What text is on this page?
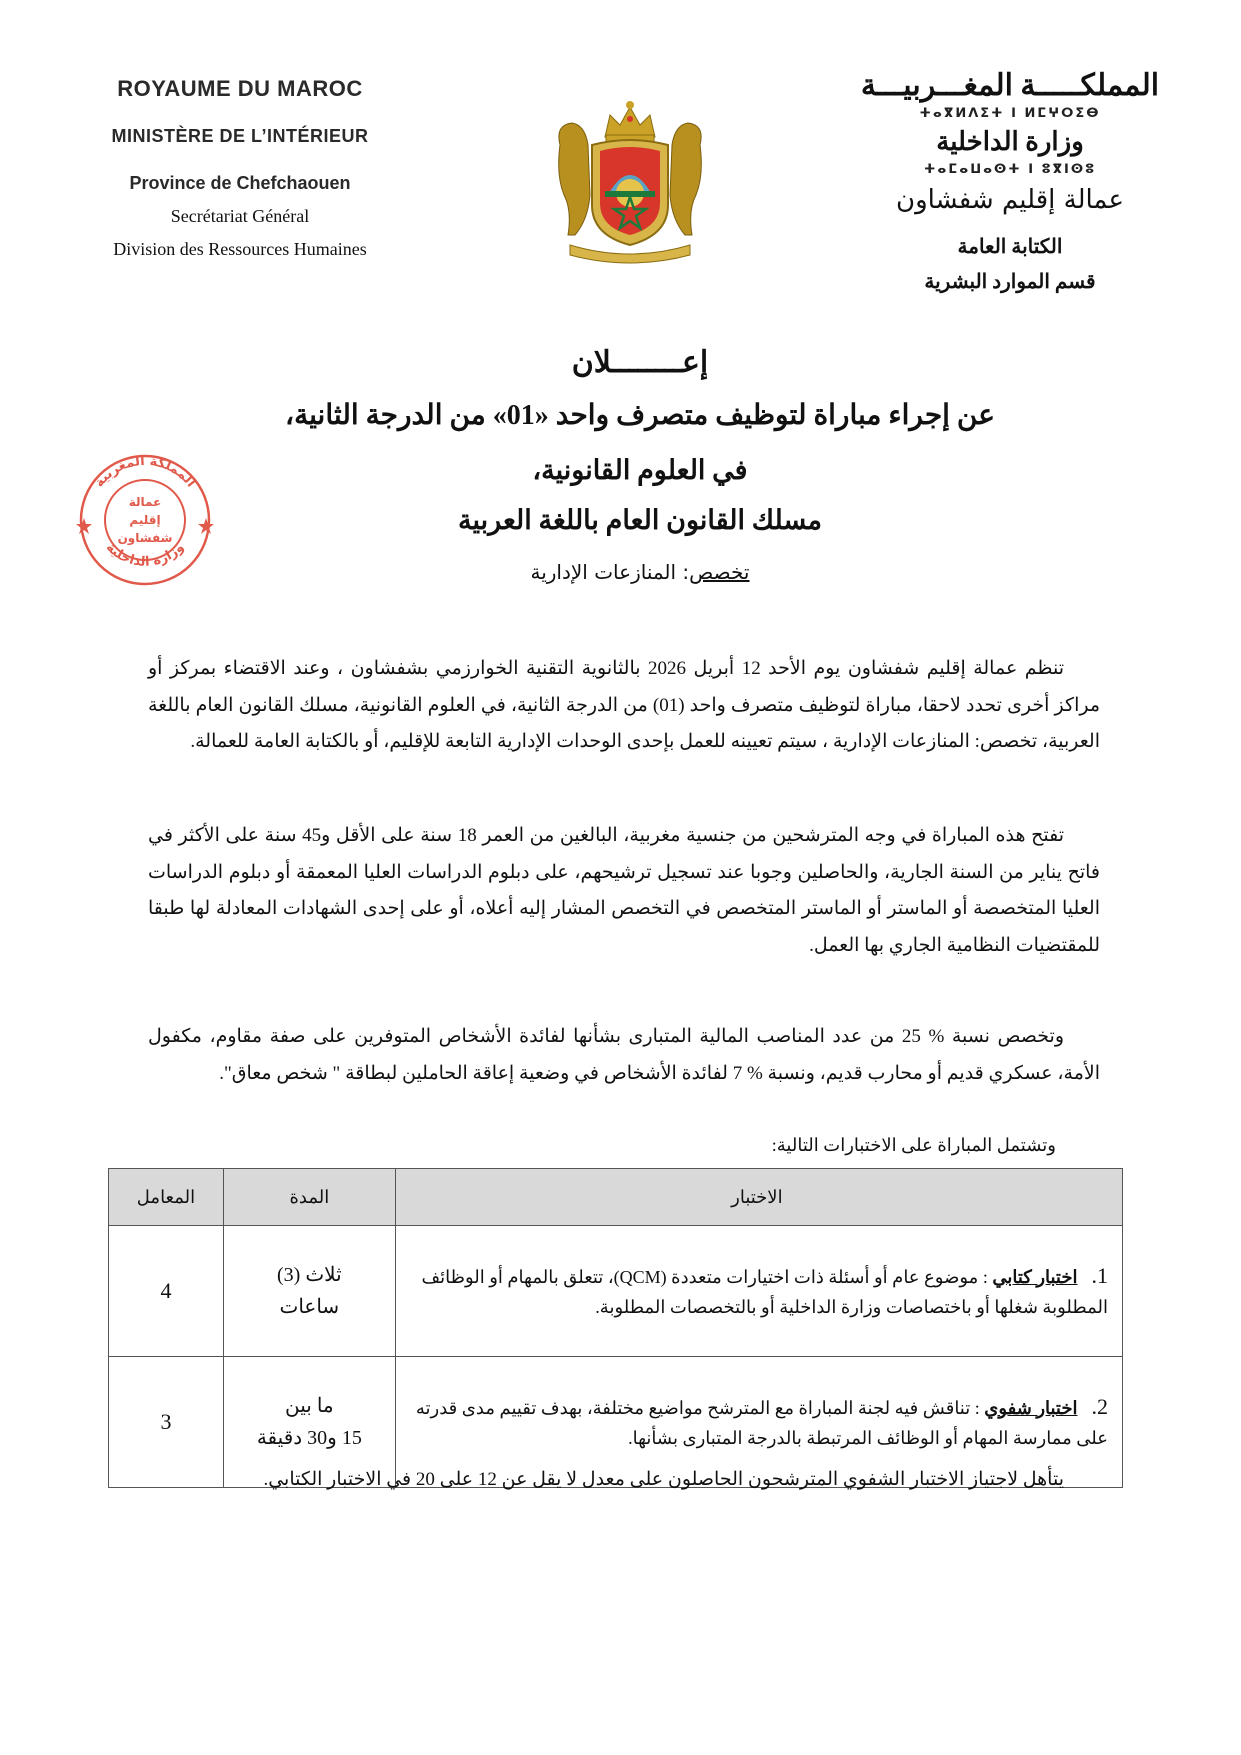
ROYAUME DU MAROC
MINISTÈRE DE L’INTÉRIEUR
Province de Chefchaouen
Secrétariat Général
Division des Ressources Humaines
المملكـــــة المغـــربيـــة
ⵜⴰⴳⵍⴷⵉⵜ ⵏ ⵍⵎⵖⵔⵉⴱ
وزارة الداخلية
ⵜⴰⵎⴰⵡⴰⵙⵜ ⵏ ⵓⴳⵏⵙⵓ
عمالة إقليم شفشاون
الكتابة العامة
قسم الموارد البشرية
المملكة المغربية
وزارة الداخلية
عمالة
إقليم
شفشاون
إعــــــــلان
عن إجراء مباراة لتوظيف متصرف واحد «01» من الدرجة الثانية،
في العلوم القانونية،
مسلك القانون العام باللغة العربية
تخصص: المنازعات الإدارية
تنظم عمالة إقليم شفشاون يوم الأحد 12 أبريل 2026 بالثانوية التقنية الخوارزمي بشفشاون ، وعند الاقتضاء بمركز أو مراكز أخرى تحدد لاحقا، مباراة لتوظيف متصرف واحد (01) من الدرجة الثانية، في العلوم القانونية، مسلك القانون العام باللغة العربية، تخصص: المنازعات الإدارية ، سيتم تعيينه للعمل بإحدى الوحدات الإدارية التابعة للإقليم، أو بالكتابة العامة للعمالة.
تفتح هذه المباراة في وجه المترشحين من جنسية مغربية، البالغين من العمر 18 سنة على الأقل و45 سنة على الأكثر في فاتح يناير من السنة الجارية، والحاصلين وجوبا عند تسجيل ترشيحهم، على دبلوم الدراسات العليا المعمقة أو دبلوم الدراسات العليا المتخصصة أو الماستر أو الماستر المتخصص في التخصص المشار إليه أعلاه، أو على إحدى الشهادات المعادلة لها طبقا للمقتضيات النظامية الجاري بها العمل.
وتخصص نسبة % 25 من عدد المناصب المالية المتبارى بشأنها لفائدة الأشخاص المتوفرين على صفة مقاوم، مكفول الأمة، عسكري قديم أو محارب قديم، ونسبة % 7 لفائدة الأشخاص في وضعية إعاقة الحاملين لبطاقة " شخص معاق".
وتشتمل المباراة على الاختبارات التالية:
الاختبار	المدة	المعامل
1.اختبار كتابي : موضوع عام أو أسئلة ذات اختيارات متعددة (QCM)، تتعلق بالمهام أو الوظائف المطلوبة شغلها أو باختصاصات وزارة الداخلية أو بالتخصصات المطلوبة.	ثلاث (3)
ساعات	4
2.اختبار شفوي : تناقش فيه لجنة المباراة مع المترشح مواضيع مختلفة، بهدف تقييم مدى قدرته على ممارسة المهام أو الوظائف المرتبطة بالدرجة المتبارى بشأنها.	ما بين
15 و30 دقيقة	3
يتأهل لاجتياز الاختبار الشفوي المترشحون الحاصلون على معدل لا يقل عن 12 على 20 في الاختبار الكتابي.
